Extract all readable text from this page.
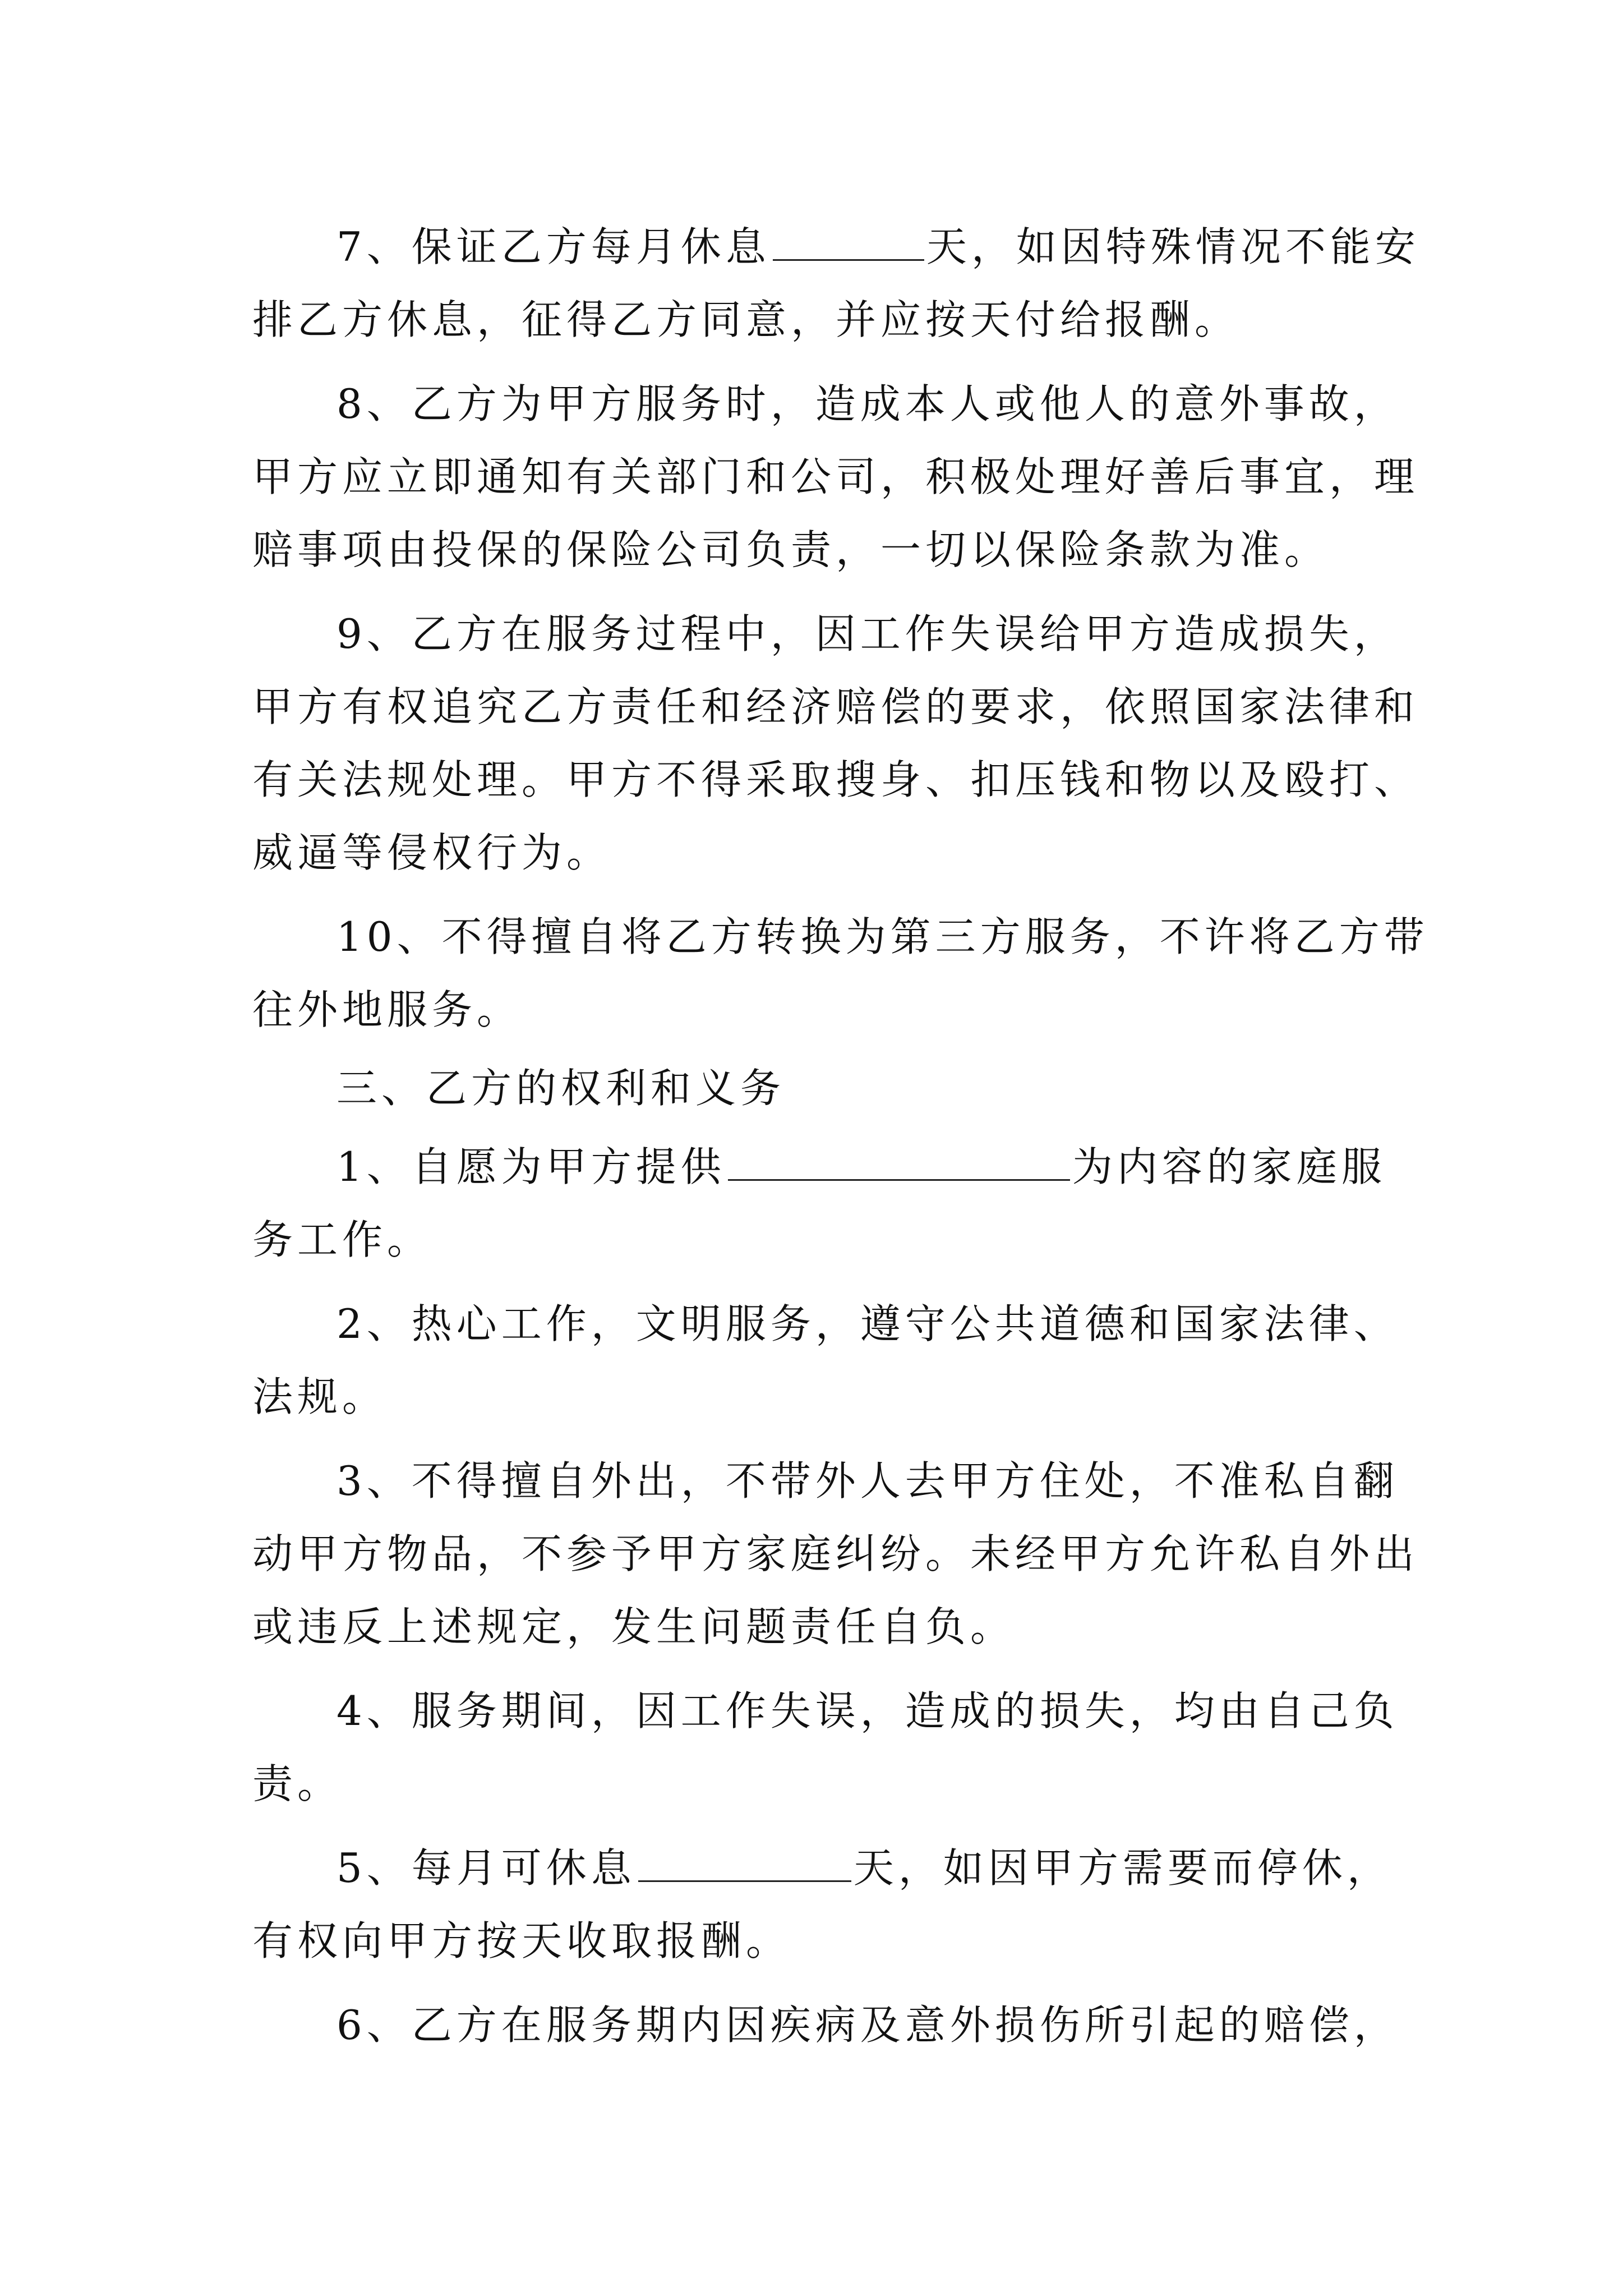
7、保证乙方每月休息	天，如因特殊情况不能安
排乙方休息，征得乙方同意，并应按天付给报酬。
8、乙方为甲方服务时，造成本人或他人的意外事故，
甲方应立即通知有关部门和公司，积极处理好善后事宜，理
赔事项由投保的保险公司负责，一切以保险条款为准。
9、乙方在服务过程中，因工作失误给甲方造成损失，
甲方有权追究乙方责任和经济赔偿的要求，依照国家法律和
有关法规处理。甲方不得采取搜身、扣压钱和物以及殴打、
威逼等侵权行为。
10、不得擅自将乙方转换为第三方服务，不许将乙方带
往外地服务。
三、乙方的权利和义务
1、自愿为甲方提供	为内容的家庭服
务工作。
2、热心工作，文明服务，遵守公共道德和国家法律、
法规。
3、不得擅自外出，不带外人去甲方住处，不准私自翻
动甲方物品，不参予甲方家庭纠纷。未经甲方允许私自外出
或违反上述规定，发生问题责任自负。
4、服务期间，因工作失误，造成的损失，均由自己负
责。
5、每月可休息	天，如因甲方需要而停休，
有权向甲方按天收取报酬。
6、乙方在服务期内因疾病及意外损伤所引起的赔偿，
